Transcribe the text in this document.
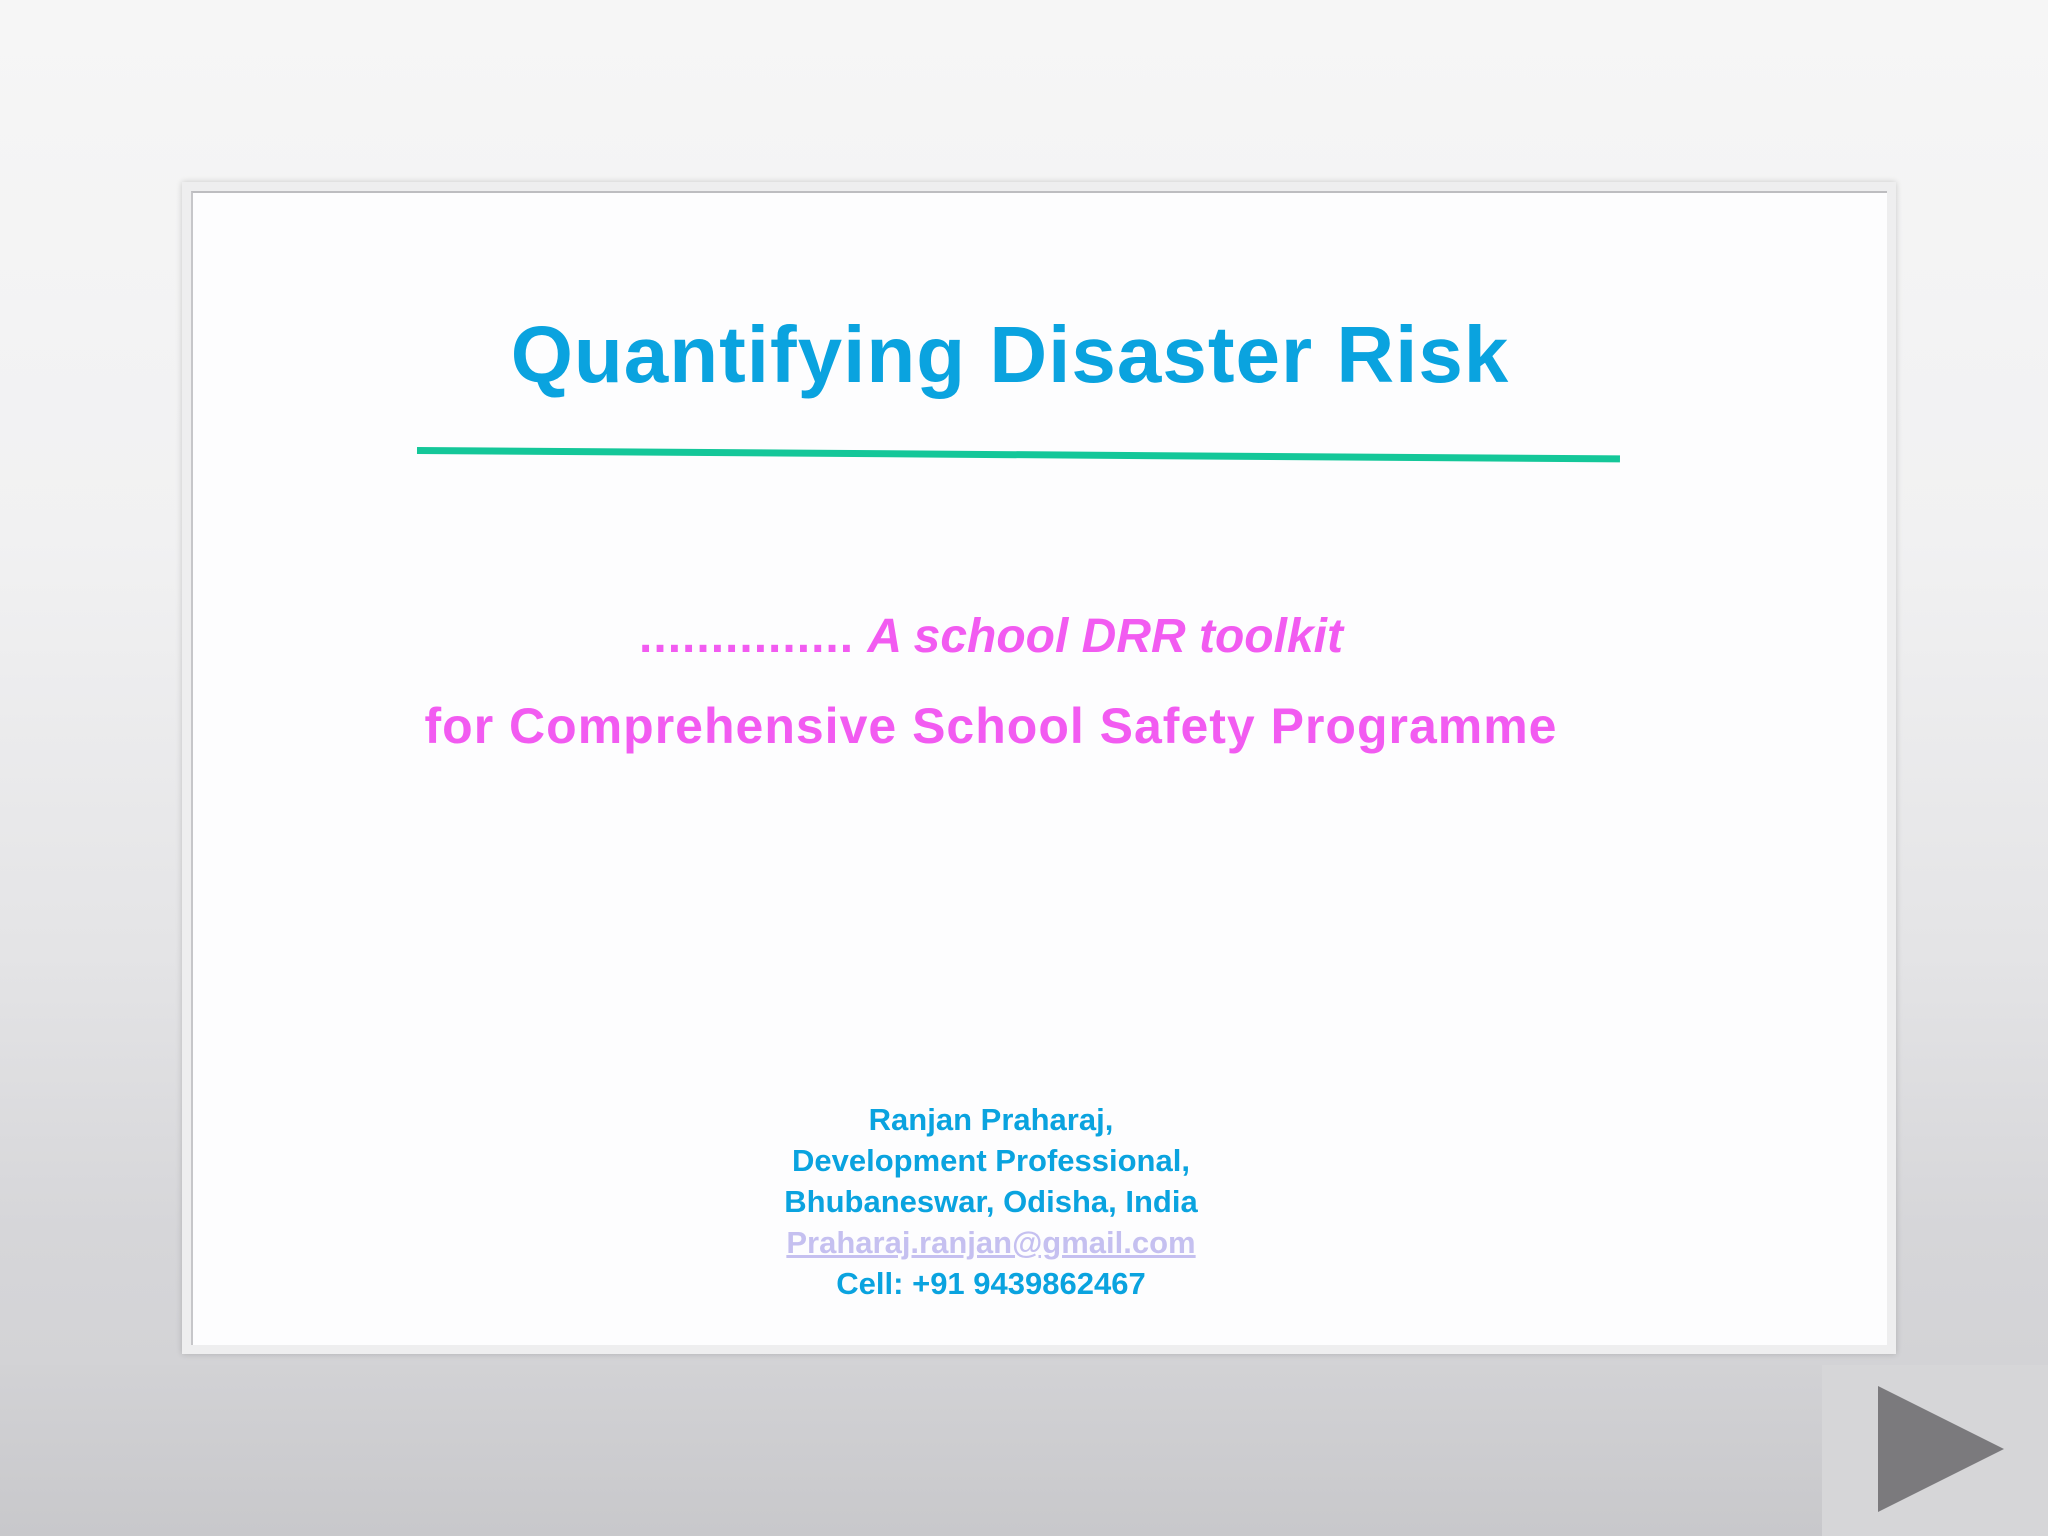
Quantifying Disaster Risk
............... A school DRR toolkit
for Comprehensive School Safety Programme
Ranjan Praharaj,
Development Professional,
Bhubaneswar, Odisha, India
Praharaj.ranjan@gmail.com
Cell: +91 9439862467
